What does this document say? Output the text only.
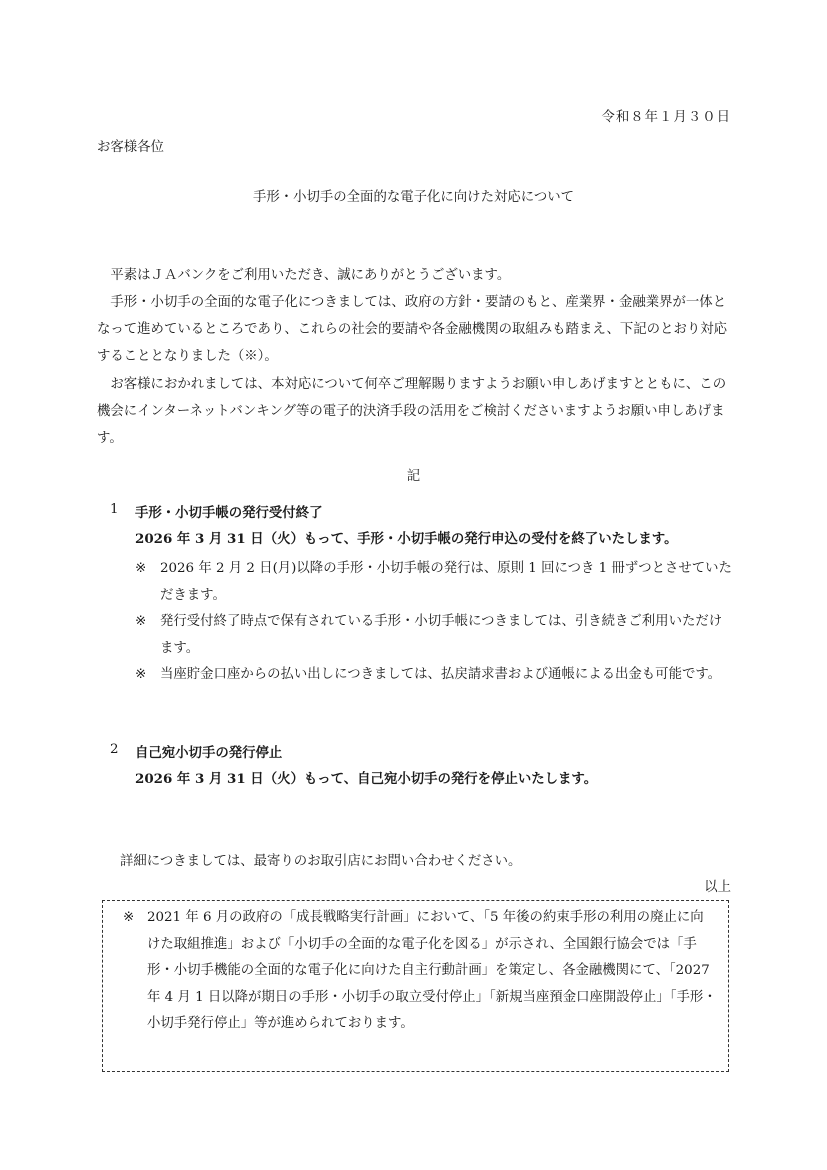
令和８年１月３０日
お客様各位
手形・小切手の全面的な電子化に向けた対応について
平素はＪＡバンクをご利用いただき、誠にありがとうございます。
手形・小切手の全面的な電子化につきましては、政府の方針・要請のもと、産業界・金融業界が一体となって進めているところであり、これらの社会的要請や各金融機関の取組みも踏まえ、下記のとおり対応することとなりました（※）。
お客様におかれましては、本対応について何卒ご理解賜りますようお願い申しあげますとともに、この機会にインターネットバンキング等の電子的決済手段の活用をご検討くださいますようお願い申しあげます。
記
1 手形・小切手帳の発行受付終了
2026 年 3 月 31 日（火）もって、手形・小切手帳の発行申込の受付を終了いたします。
※	2026 年 2 月 2 日(月)以降の手形・小切手帳の発行は、原則 1 回につき 1 冊ずつとさせていただきます。
※	発行受付終了時点で保有されている手形・小切手帳につきましては、引き続きご利用いただけます。
※	当座貯金口座からの払い出しにつきましては、払戻請求書および通帳による出金も可能です。
2 自己宛小切手の発行停止
2026 年 3 月 31 日（火）もって、自己宛小切手の発行を停止いたします。
詳細につきましては、最寄りのお取引店にお問い合わせください。
以上
※ 2021 年 6 月の政府の「成長戦略実行計画」において、「5 年後の約束手形の利用の廃止に向けた取組推進」および「小切手の全面的な電子化を図る」が示され、全国銀行協会では「手形・小切手機能の全面的な電子化に向けた自主行動計画」を策定し、各金融機関にて、「2027 年 4 月 1 日以降が期日の手形・小切手の取立受付停止」「新規当座預金口座開設停止」「手形・小切手発行停止」等が進められております。
